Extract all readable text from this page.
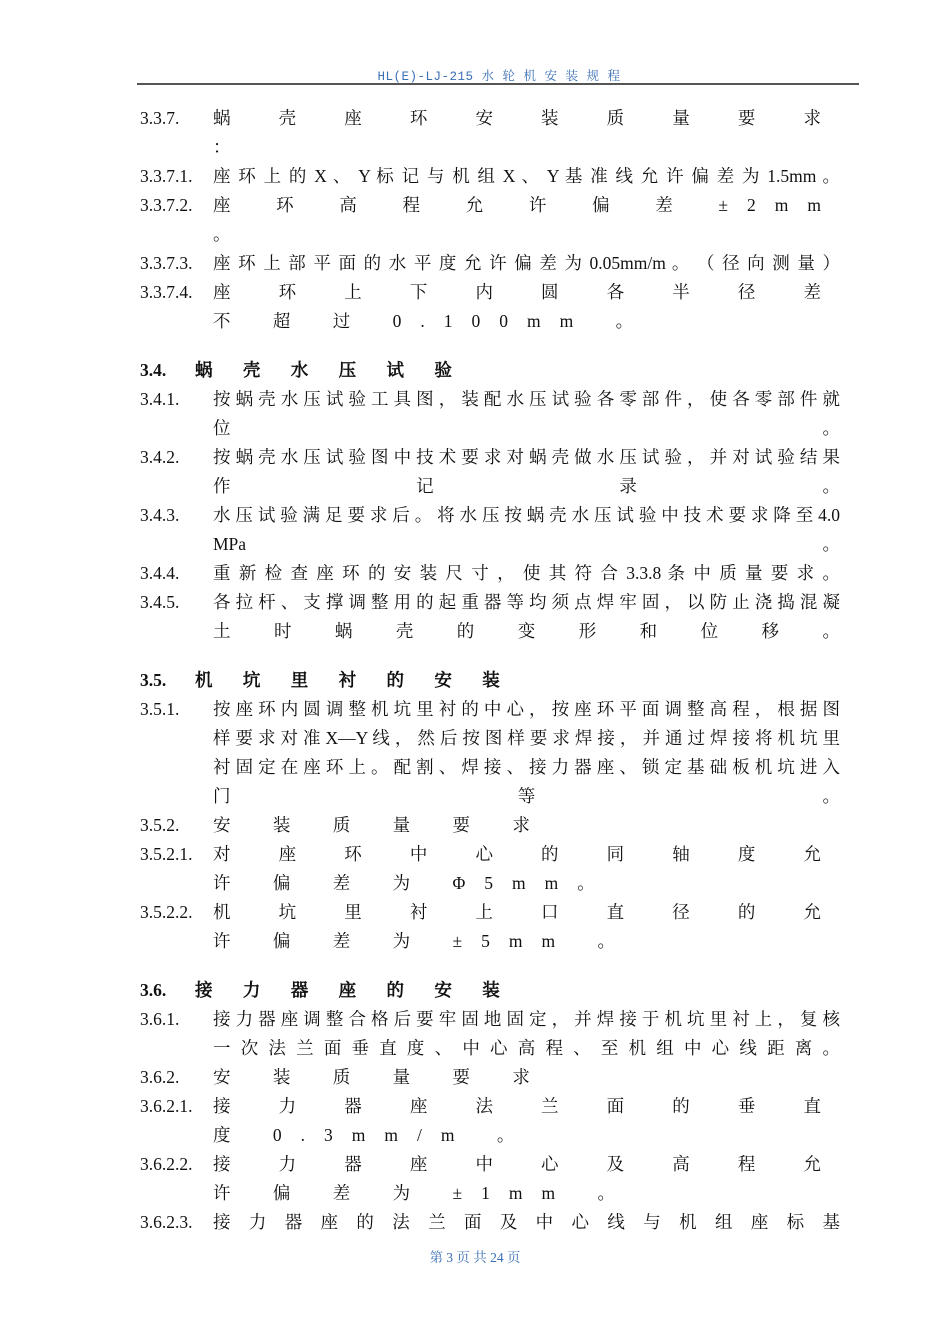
HL(E)-LJ-215 水 轮 机 安 装 规 程
3.3.7.	蜗 壳 座 环 安 装 质 量 要 求 ：
3.3.7.1.	座 环 上 的 X 、 Y 标 记 与 机 组 X 、 Y 基 准 线 允 许 偏 差 为 1.5mm 。
3.3.7.2.	座 环 高 程 允 许 偏 差 ±2mm 。
3.3.7.3.	座 环 上 部 平 面 的 水 平 度 允 许 偏 差 为 0.05mm/m 。 （ 径 向 测 量 ）
3.3.7.4.	座 环 上 下 内 圆 各 半 径 差 不 超 过 0.100mm 。
3.4.	蜗 壳 水 压 试 验
3.4.1.	按 蜗 壳 水 压 试 验 工 具 图 ， 装 配 水 压 试 验 各 零 部 件 ， 使 各 零 部 件 就 位 。
3.4.2.	按 蜗 壳 水 压 试 验 图 中 技 术 要 求 对 蜗 壳 做 水 压 试 验 ， 并 对 试 验 结 果 作 记 录 。
3.4.3.	水 压 试 验 满 足 要 求 后 。 将 水 压 按 蜗 壳 水 压 试 验 中 技 术 要 求 降 至 4.0MPa 。
3.4.4.	重 新 检 查 座 环 的 安 装 尺 寸 ， 使 其 符 合 3.3.8 条 中 质 量 要 求 。
3.4.5.	各 拉 杆 、 支 撑 调 整 用 的 起 重 器 等 均 须 点 焊 牢 固 ， 以 防 止 浇 捣 混 凝 土 时 蜗 壳 的 变 形 和 位 移 。
3.5.	机 坑 里 衬 的 安 装
3.5.1.	按 座 环 内 圆 调 整 机 坑 里 衬 的 中 心 ， 按 座 环 平 面 调 整 高 程 ， 根 据 图 样 要 求 对 准 X—Y 线 ， 然 后 按 图 样 要 求 焊 接 ， 并 通 过 焊 接 将 机 坑 里 衬 固 定 在 座 环 上 。 配 割 、 焊 接 、 接 力 器 座 、 锁 定 基 础 板 机 坑 进 入 门 等 。
3.5.2.	安 装 质 量 要 求
3.5.2.1.	对 座 环 中 心 的 同 轴 度 允 许 偏 差 为 Φ5mm。
3.5.2.2.	机 坑 里 衬 上 口 直 径 的 允 许 偏 差 为 ±5mm 。
3.6.	接 力 器 座 的 安 装
3.6.1.	接 力 器 座 调 整 合 格 后 要 牢 固 地 固 定 ， 并 焊 接 于 机 坑 里 衬 上 ， 复 核 一 次 法 兰 面 垂 直 度 、 中 心 高 程 、 至 机 组 中 心 线 距 离 。
3.6.2.	安 装 质 量 要 求
3.6.2.1.	接 力 器 座 法 兰 面 的 垂 直 度 0.3mm/m 。
3.6.2.2.	接 力 器 座 中 心 及 高 程 允 许 偏 差 为 ±1mm 。
3.6.2.3.	接 力 器 座 的 法 兰 面 及 中 心 线 与 机 组 座 标 基
第 3 页 共 24 页
